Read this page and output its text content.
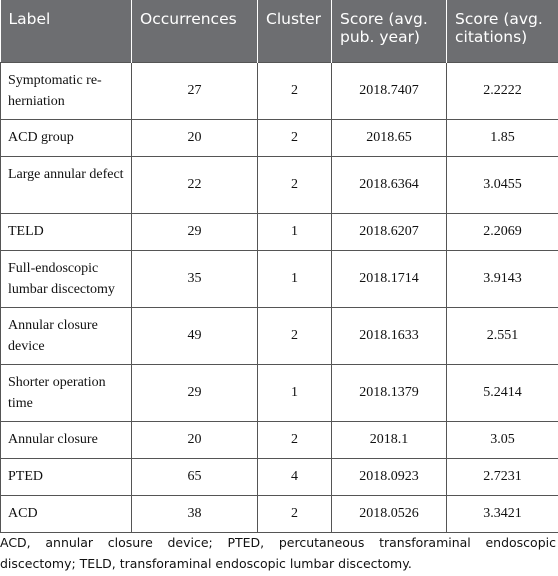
Label	Occurrences	Cluster	Score (avg. pub. year)	Score (avg. citations)
Symptomatic re-herniation	27	2	2018.7407	2.2222
ACD group	20	2	2018.65	1.85
Large annular defect	22	2	2018.6364	3.0455
TELD	29	1	2018.6207	2.2069
Full-endoscopic lumbar discectomy	35	1	2018.1714	3.9143
Annular closure device	49	2	2018.1633	2.551
Shorter operation time	29	1	2018.1379	5.2414
Annular closure	20	2	2018.1	3.05
PTED	65	4	2018.0923	2.7231
ACD	38	2	2018.0526	3.3421
ACD, annular closure device; PTED, percutaneous transforaminal endoscopic discectomy; TELD, transforaminal endoscopic lumbar discectomy.
